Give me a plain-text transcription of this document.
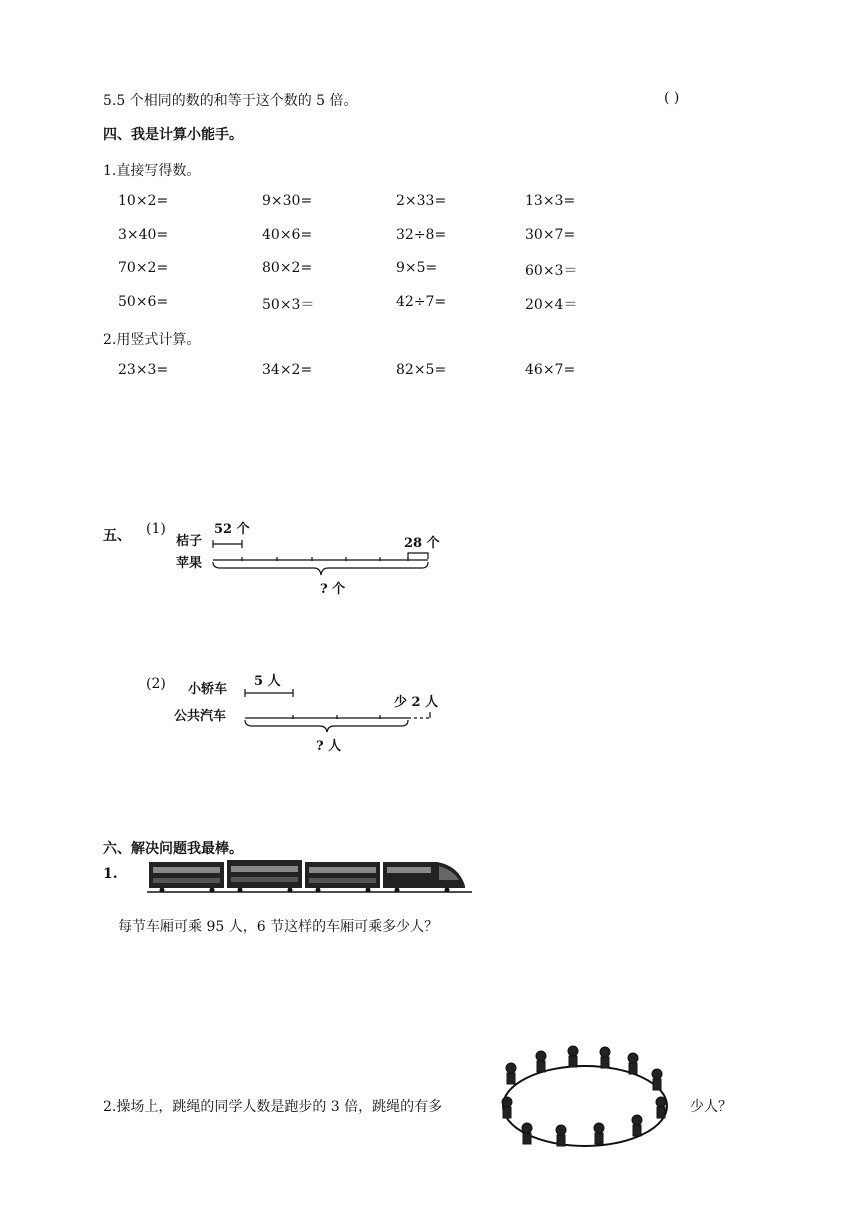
5.5 个相同的数的和等于这个数的 5 倍。	( )
四、我是计算小能手。
1.直接写得数。
10×2=	9×30=	2×33=	13×3=
3×40=	40×6=	32÷8=	30×7=
70×2=	80×2=	9×5=	60×3＝
50×6=	50×3＝	42÷7=	20×4＝
2.用竖式计算。
23×3=	34×2=	82×5=	46×7=
五、 (1)
桔子
苹果
52 个
28 个
? 个
(2) 小轿车
公共汽车
5 人
少 2 人
? 人
六、解决问题我最棒。
1.
每节车厢可乘 95 人，6 节这样的车厢可乘多少人？
2.操场上，跳绳的同学人数是跑步的 3 倍，跳绳的有多	少人？
